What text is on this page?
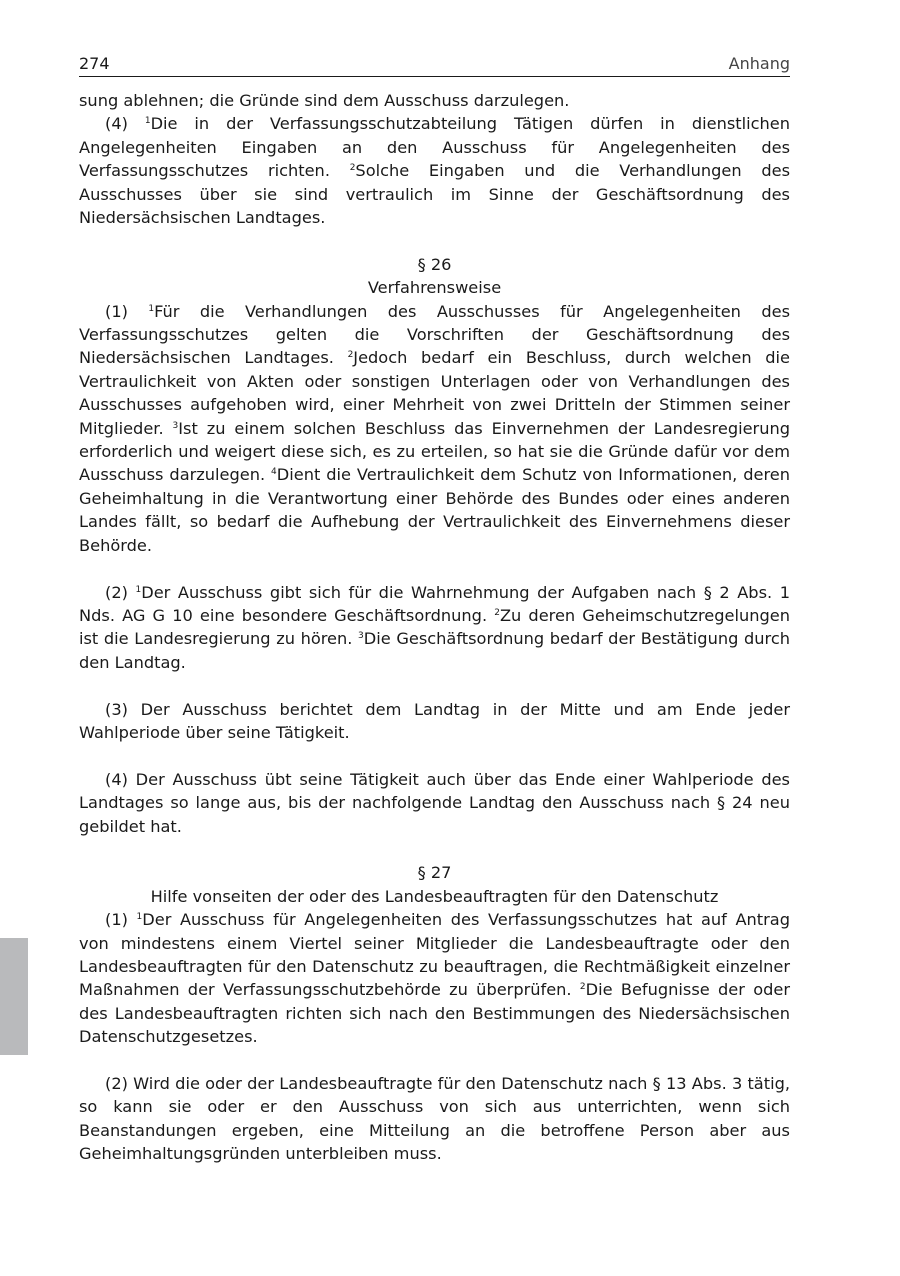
274	Anhang

sung ablehnen; die Gründe sind dem Ausschuss darzulegen.

(4) $^1$Die in der Verfassungsschutzabteilung Tätigen dürfen in dienstlichen Angelegenheiten Eingaben an den Ausschuss für Angelegenheiten des Verfassungsschutzes richten. $^2$Solche Eingaben und die Verhandlungen des Ausschusses über sie sind vertraulich im Sinne der Geschäftsordnung des Niedersächsischen Landtages.

§ 26

Verfahrensweise

(1) $^1$Für die Verhandlungen des Ausschusses für Angelegenheiten des Verfassungsschutzes gelten die Vorschriften der Geschäftsordnung des Niedersächsischen Landtages. $^2$Jedoch bedarf ein Beschluss, durch welchen die Vertraulichkeit von Akten oder sonstigen Unterlagen oder von Verhandlungen des Ausschusses aufgehoben wird, einer Mehrheit von zwei Dritteln der Stimmen seiner Mitglieder. $^3$Ist zu einem solchen Beschluss das Einvernehmen der Landesregierung erforderlich und weigert diese sich, es zu erteilen, so hat sie die Gründe dafür vor dem Ausschuss darzulegen. $^4$Dient die Vertraulichkeit dem Schutz von Informationen, deren Geheimhaltung in die Verantwortung einer Behörde des Bundes oder eines anderen Landes fällt, so bedarf die Aufhebung der Vertraulichkeit des Einvernehmens dieser Behörde.

(2) $^1$Der Ausschuss gibt sich für die Wahrnehmung der Aufgaben nach § 2 Abs. 1 Nds. AG G 10 eine besondere Geschäftsordnung. $^2$Zu deren Geheimschutzregelungen ist die Landesregierung zu hören. $^3$Die Geschäftsordnung bedarf der Bestätigung durch den Landtag.

(3) Der Ausschuss berichtet dem Landtag in der Mitte und am Ende jeder Wahlperiode über seine Tätigkeit.

(4) Der Ausschuss übt seine Tätigkeit auch über das Ende einer Wahlperiode des Landtages so lange aus, bis der nachfolgende Landtag den Ausschuss nach § 24 neu gebildet hat.

§ 27

Hilfe vonseiten der oder des Landesbeauftragten für den Datenschutz

(1) $^1$Der Ausschuss für Angelegenheiten des Verfassungsschutzes hat auf Antrag von mindestens einem Viertel seiner Mitglieder die Landesbeauftragte oder den Landesbeauftragten für den Datenschutz zu beauftragen, die Rechtmäßigkeit einzelner Maßnahmen der Verfassungsschutzbehörde zu überprüfen. $^2$Die Befugnisse der oder des Landesbeauftragten richten sich nach den Bestimmungen des Niedersächsischen Datenschutzgesetzes.

(2) Wird die oder der Landesbeauftragte für den Datenschutz nach § 13 Abs. 3 tätig, so kann sie oder er den Ausschuss von sich aus unterrichten, wenn sich Beanstandungen ergeben, eine Mitteilung an die betroffene Person aber aus Geheimhaltungsgründen unterbleiben muss.
